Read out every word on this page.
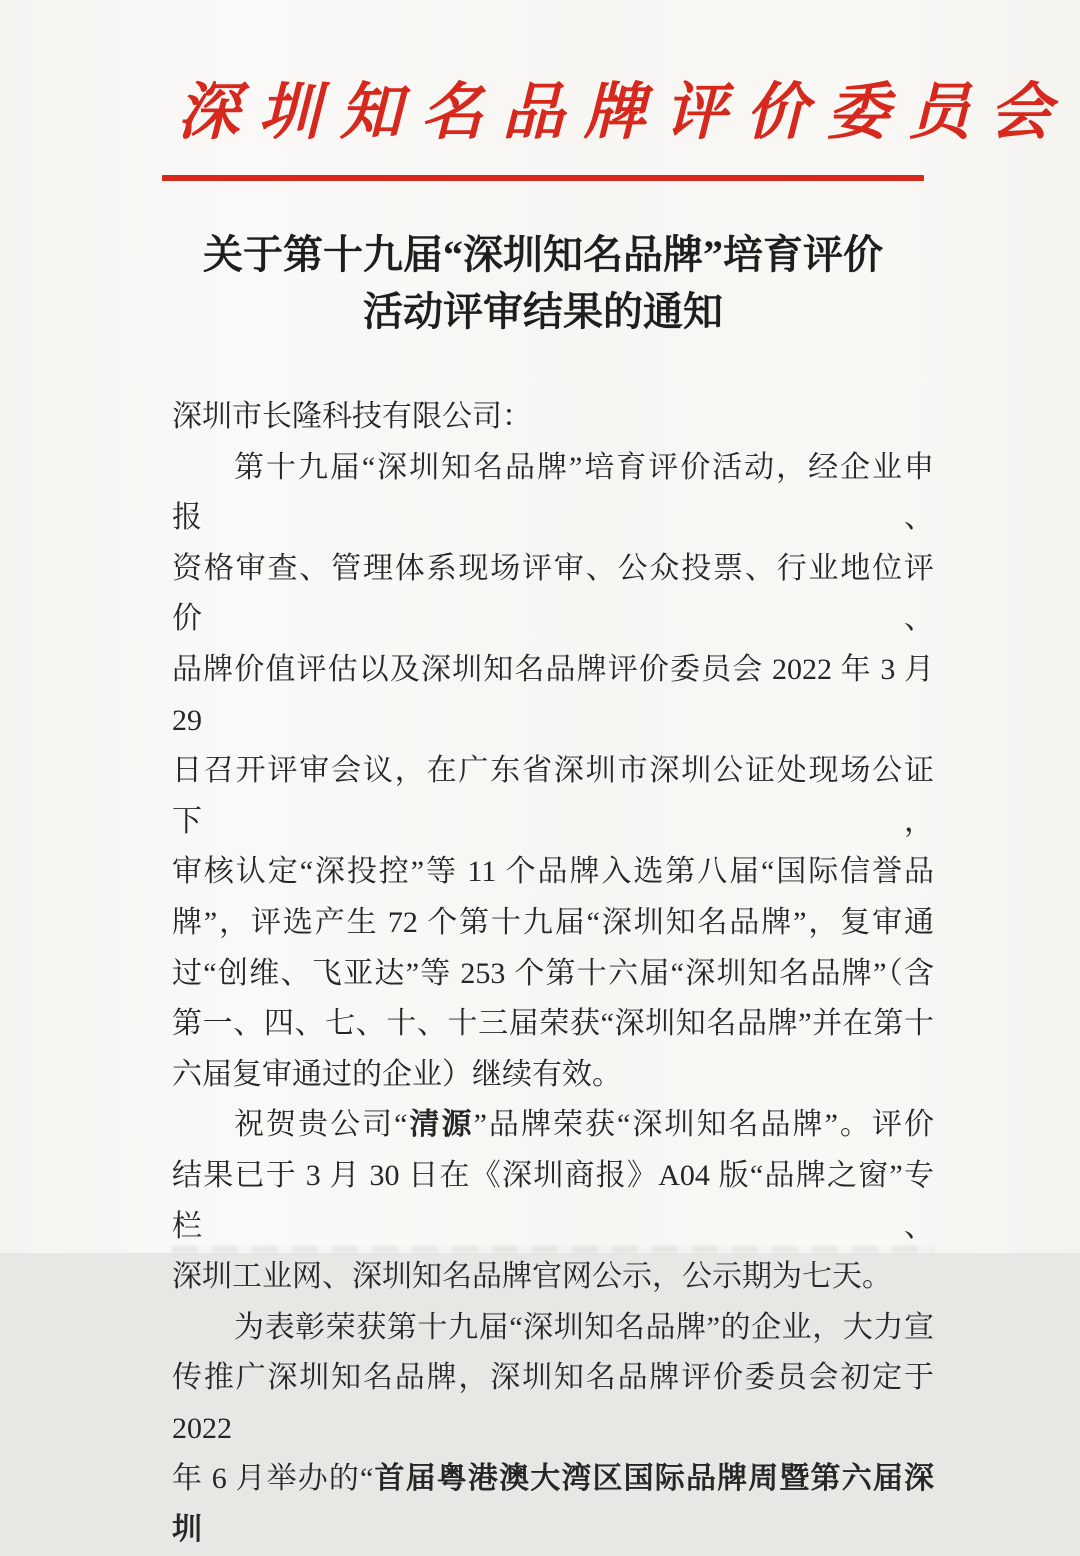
深圳知名品牌评价委员会
关于第十九届“深圳知名品牌”培育评价
活动评审结果的通知
深圳市长隆科技有限公司：
第十九届“深圳知名品牌”培育评价活动，经企业申报、
资格审查、管理体系现场评审、公众投票、行业地位评价、
品牌价值评估以及深圳知名品牌评价委员会 2022 年 3 月 29
日召开评审会议，在广东省深圳市深圳公证处现场公证下，
审核认定“深投控”等 11 个品牌入选第八届“国际信誉品
牌”，评选产生 72 个第十九届“深圳知名品牌”，复审通
过“创维、飞亚达”等 253 个第十六届“深圳知名品牌”（含
第一、四、七、十、十三届荣获“深圳知名品牌”并在第十
六届复审通过的企业）继续有效。
祝贺贵公司“清源”品牌荣获“深圳知名品牌”。评价
结果已于 3 月 30 日在《深圳商报》A04 版“品牌之窗”专栏、
深圳工业网、深圳知名品牌官网公示，公示期为七天。
为表彰荣获第十九届“深圳知名品牌”的企业，大力宣
传推广深圳知名品牌，深圳知名品牌评价委员会初定于 2022
年 6 月举办的“首届粤港澳大湾区国际品牌周暨第六届深圳
